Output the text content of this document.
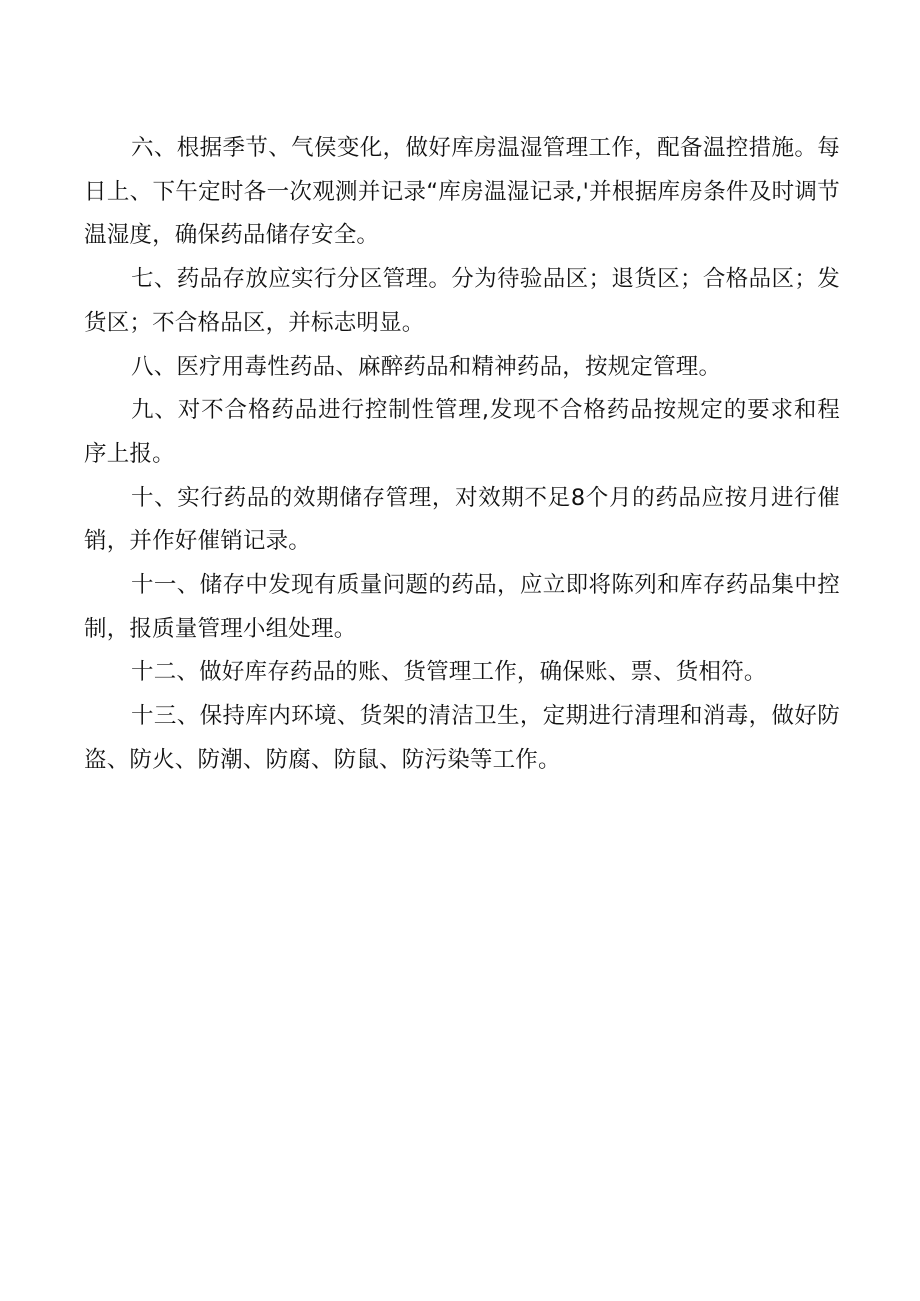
六、根据季节、气侯变化，做好库房温湿管理工作，配备温控措施。每日上、下午定时各一次观测并记录“库房温湿记录,'并根据库房条件及时调节温湿度，确保药品储存安全。

七、药品存放应实行分区管理。分为待验品区；退货区；合格品区；发货区；不合格品区，并标志明显。

八、医疗用毒性药品、麻醉药品和精神药品，按规定管理。

九、对不合格药品进行控制性管理,发现不合格药品按规定的要求和程序上报。

十、实行药品的效期储存管理，对效期不足8个月的药品应按月进行催销，并作好催销记录。

十一、储存中发现有质量问题的药品，应立即将陈列和库存药品集中控制，报质量管理小组处理。

十二、做好库存药品的账、货管理工作，确保账、票、货相符。

十三、保持库内环境、货架的清洁卫生，定期进行清理和消毒，做好防盗、防火、防潮、防腐、防鼠、防污染等工作。
